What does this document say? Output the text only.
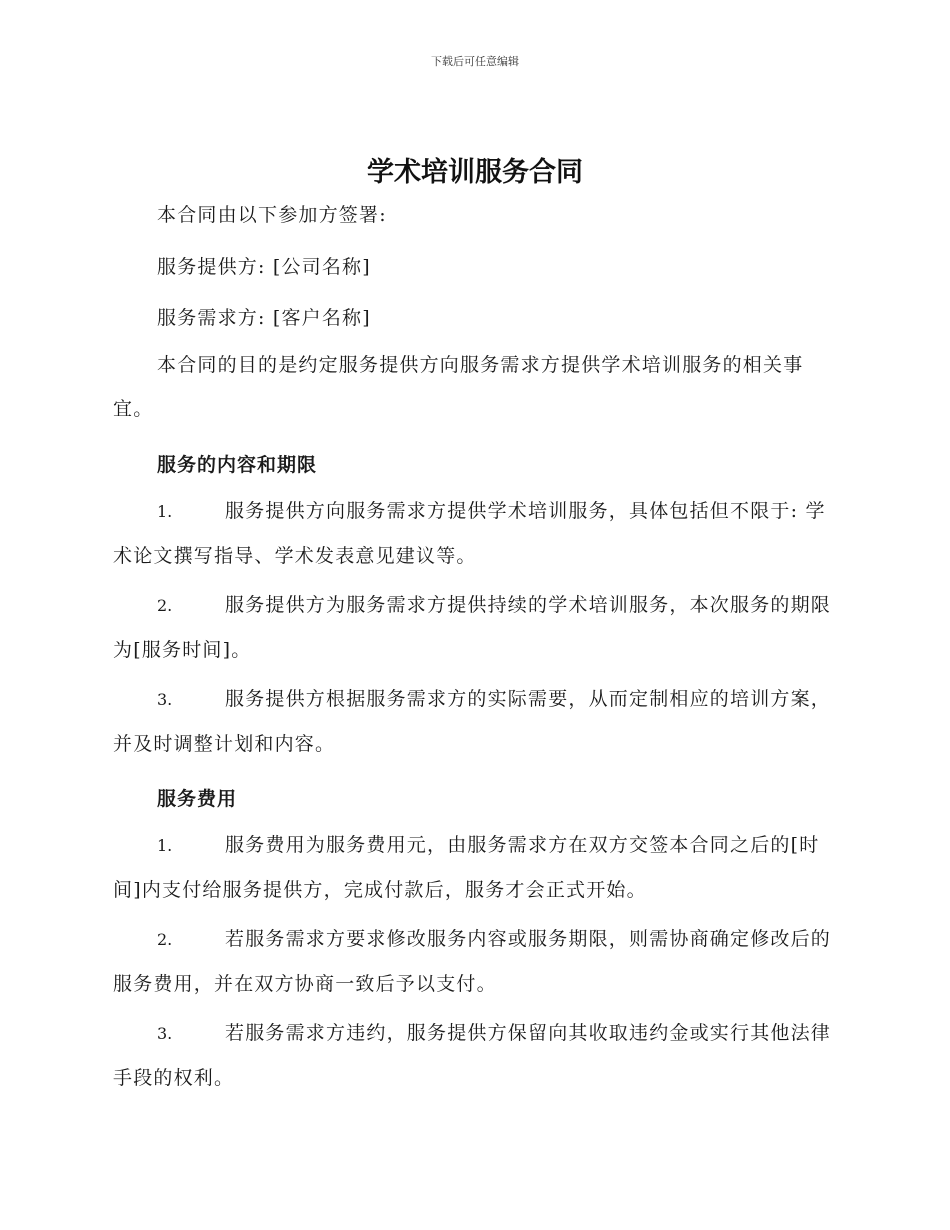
下载后可任意编辑
学术培训服务合同
本合同由以下参加方签署:
服务提供方: [公司名称]
服务需求方: [客户名称]
本合同的目的是约定服务提供方向服务需求方提供学术培训服务的相关事宜。
服务的内容和期限
1.	服务提供方向服务需求方提供学术培训服务，具体包括但不限于: 学术论文撰写指导、学术发表意见建议等。
2.	服务提供方为服务需求方提供持续的学术培训服务，本次服务的期限为[服务时间]。
3.	服务提供方根据服务需求方的实际需要，从而定制相应的培训方案，并及时调整计划和内容。
服务费用
1.	服务费用为服务费用元，由服务需求方在双方交签本合同之后的[时间]内支付给服务提供方，完成付款后，服务才会正式开始。
2.	若服务需求方要求修改服务内容或服务期限，则需协商确定修改后的服务费用，并在双方协商一致后予以支付。
3.	若服务需求方违约，服务提供方保留向其收取违约金或实行其他法律手段的权利。
